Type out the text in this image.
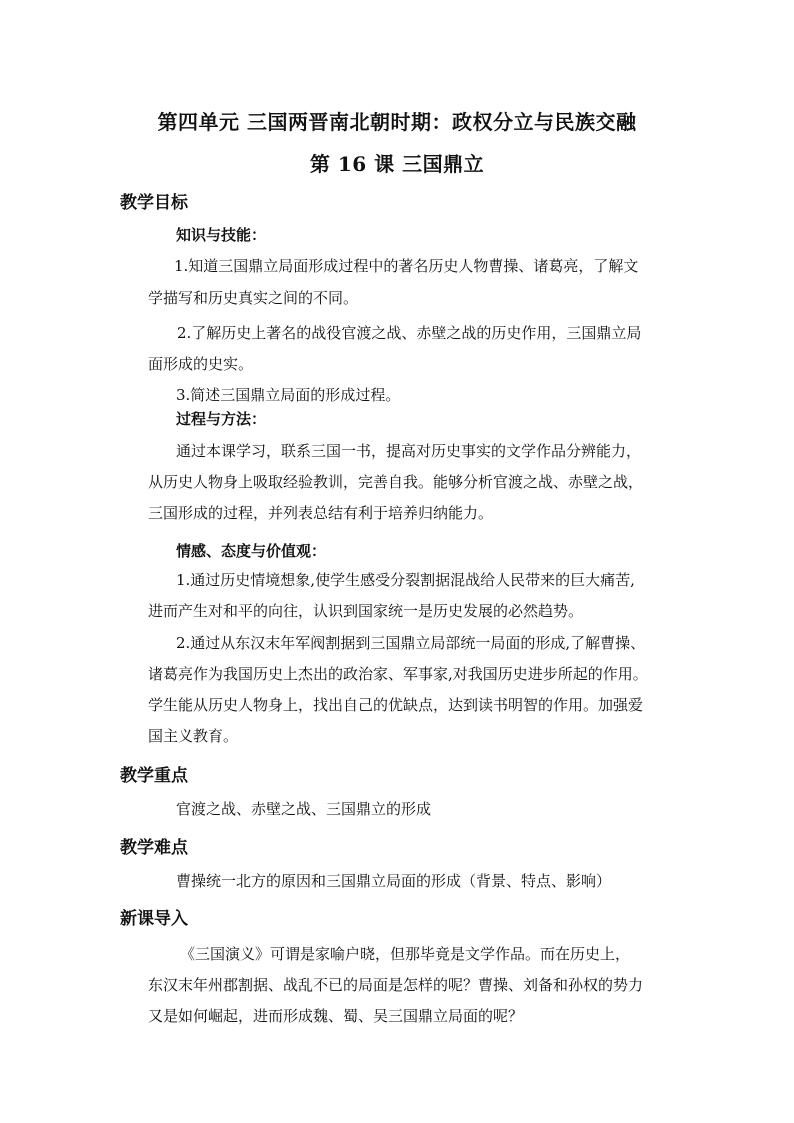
第四单元 三国两晋南北朝时期：政权分立与民族交融
第 16 课 三国鼎立
教学目标
知识与技能：
1.知道三国鼎立局面形成过程中的著名历史人物曹操、诸葛亮，了解文
学描写和历史真实之间的不同。
2.了解历史上著名的战役官渡之战、赤壁之战的历史作用，三国鼎立局
面形成的史实。
3.简述三国鼎立局面的形成过程。
过程与方法：
通过本课学习，联系三国一书，提高对历史事实的文学作品分辨能力，
从历史人物身上吸取经验教训，完善自我。能够分析官渡之战、赤壁之战，
三国形成的过程，并列表总结有利于培养归纳能力。
情感、态度与价值观：
1.通过历史情境想象,使学生感受分裂割据混战给人民带来的巨大痛苦,
进而产生对和平的向往，认识到国家统一是历史发展的必然趋势。
2.通过从东汉末年军阀割据到三国鼎立局部统一局面的形成,了解曹操、
诸葛亮作为我国历史上杰出的政治家、军事家,对我国历史进步所起的作用。
学生能从历史人物身上，找出自己的优缺点，达到读书明智的作用。加强爱
国主义教育。
教学重点
官渡之战、赤壁之战、三国鼎立的形成
教学难点
曹操统一北方的原因和三国鼎立局面的形成（背景、特点、影响）
新课导入
《三国演义》可谓是家喻户晓，但那毕竟是文学作品。而在历史上，
东汉末年州郡割据、战乱不已的局面是怎样的呢？曹操、刘备和孙权的势力
又是如何崛起，进而形成魏、蜀、吴三国鼎立局面的呢？
